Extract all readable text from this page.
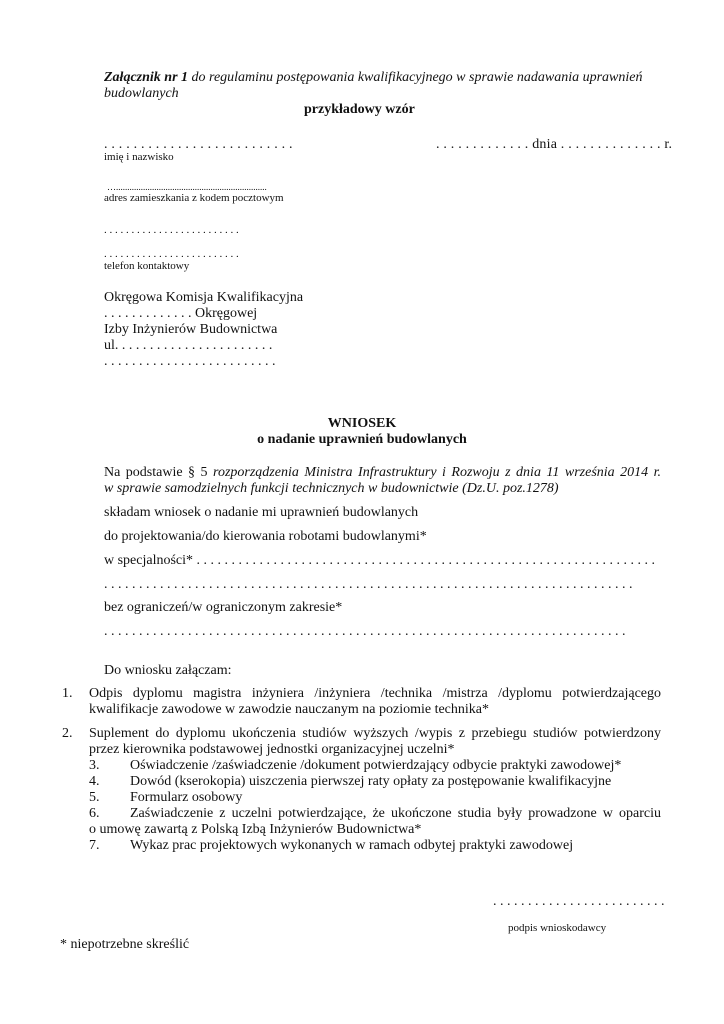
Załącznik nr 1 do regulaminu postępowania kwalifikacyjnego w sprawie nadawania uprawnień
budowlanych
przykładowy wzór
. . . . . . . . . . . . . . . . . . . . . . . . . .	. . . . . . . . . . . . . dnia . . . . . . . . . . . . . . r.
imię i nazwisko
…...................................................................
adres zamieszkania z kodem pocztowym
. . . . . . . . . . . . . . . . . . . . . . . . .
. . . . . . . . . . . . . . . . . . . . . . . . .
telefon kontaktowy
Okręgowa Komisja Kwalifikacyjna
. . . . . . . . . . . . . Okręgowej
Izby Inżynierów Budownictwa
ul. . . . . . . . . . . . . . . . . . . . . . .
. . . . . . . . . . . . . . . . . . . . . . . . .
WNIOSEK
o nadanie uprawnień budowlanych
Na podstawie § 5 rozporządzenia Ministra Infrastruktury i Rozwoju z dnia 11 września 2014 r.
w sprawie samodzielnych funkcji technicznych w budownictwie (Dz.U. poz.1278)
składam wniosek o nadanie mi uprawnień budowlanych
do projektowania/do kierowania robotami budowlanymi*
w specjalności* . . . . . . . . . . . . . . . . . . . . . . . . . . . . . . . . . . . . . . . . . . . . . . . . . . . . . . . . . . . . . . . . . .
. . . . . . . . . . . . . . . . . . . . . . . . . . . . . . . . . . . . . . . . . . . . . . . . . . . . . . . . . . . . . . . . . . . . . . . . . . . .
bez ograniczeń/w ograniczonym zakresie*
. . . . . . . . . . . . . . . . . . . . . . . . . . . . . . . . . . . . . . . . . . . . . . . . . . . . . . . . . . . . . . . . . . . . . . . . . . .
Do wniosku załączam:
1. Odpis dyplomu magistra inżyniera /inżyniera /technika /mistrza /dyplomu potwierdzającego
kwalifikacje zawodowe w zawodzie nauczanym na poziomie technika*
2. Suplement do dyplomu ukończenia studiów wyższych /wypis z przebiegu studiów potwierdzony
przez kierownika podstawowej jednostki organizacyjnej uczelni*
3. Oświadczenie /zaświadczenie /dokument potwierdzający odbycie praktyki zawodowej*
4. Dowód (kserokopia) uiszczenia pierwszej raty opłaty za postępowanie kwalifikacyjne
5. Formularz osobowy
6. Zaświadczenie z uczelni potwierdzające, że ukończone studia były prowadzone w oparciu
o umowę zawartą z Polską Izbą Inżynierów Budownictwa*
7. Wykaz prac projektowych wykonanych w ramach odbytej praktyki zawodowej
. . . . . . . . . . . . . . . . . . . . . . . . .
podpis wnioskodawcy
* niepotrzebne skreślić
